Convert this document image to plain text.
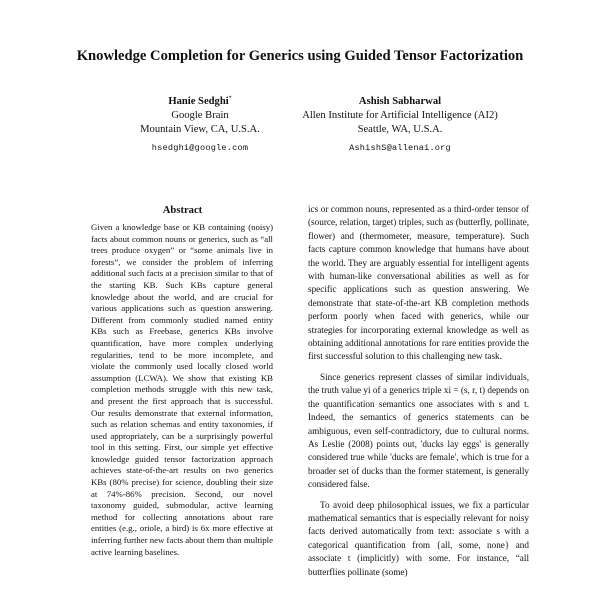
Knowledge Completion for Generics using Guided Tensor Factorization
Hanie Sedghi*
Google Brain
Mountain View, CA, U.S.A.
hsedghi@google.com
Ashish Sabharwal
Allen Institute for Artificial Intelligence (AI2)
Seattle, WA, U.S.A.
AshishS@allenai.org
Abstract

Given a knowledge base or KB containing (noisy) facts about common nouns or generics, such as “all trees produce oxygen” or “some animals live in forests”, we consider the problem of inferring additional such facts at a precision similar to that of the starting KB. Such KBs capture general knowledge about the world, and are crucial for various applications such as question answering. Different from commonly studied named entity KBs such as Freebase, generics KBs involve quantification, have more complex underlying regularities, tend to be more incomplete, and violate the commonly used locally closed world assumption (LCWA). We show that existing KB completion methods struggle with this new task, and present the first approach that is successful. Our results demonstrate that external information, such as relation schemas and entity taxonomies, if used appropriately, can be a surprisingly powerful tool in this setting. First, our simple yet effective knowledge guided tensor factorization approach achieves state-of-the-art results on two generics KBs (80% precise) for science, doubling their size at 74%-86% precision. Second, our novel taxonomy guided, submodular, active learning method for collecting annotations about rare entities (e.g., oriole, a bird) is 6x more effective at inferring further new facts about them than multiple active learning baselines.

ics or common nouns, represented as a third-order tensor of (source, relation, target) triples, such as (butterfly, pollinate, flower) and (thermometer, measure, temperature). Such facts capture common knowledge that humans have about the world. They are arguably essential for intelligent agents with human-like conversational abilities as well as for specific applications such as question answering. We demonstrate that state-of-the-art KB completion methods perform poorly when faced with generics, while our strategies for incorporating external knowledge as well as obtaining additional annotations for rare entities provide the first successful solution to this challenging new task.

Since generics represent classes of similar individuals, the truth value yi of a generics triple xi = (s, r, t) depends on the quantification semantics one associates with s and t. Indeed, the semantics of generics statements can be ambiguous, even self-contradictory, due to cultural norms. As Leslie (2008) points out, 'ducks lay eggs' is generally considered true while 'ducks are female', which is true for a broader set of ducks than the former statement, is generally considered false.

To avoid deep philosophical issues, we fix a particular mathematical semantics that is especially relevant for noisy facts derived automatically from text: associate s with a categorical quantification from {all, some, none} and associate t (implicitly) with some. For instance, “all butterflies pollinate (some)
